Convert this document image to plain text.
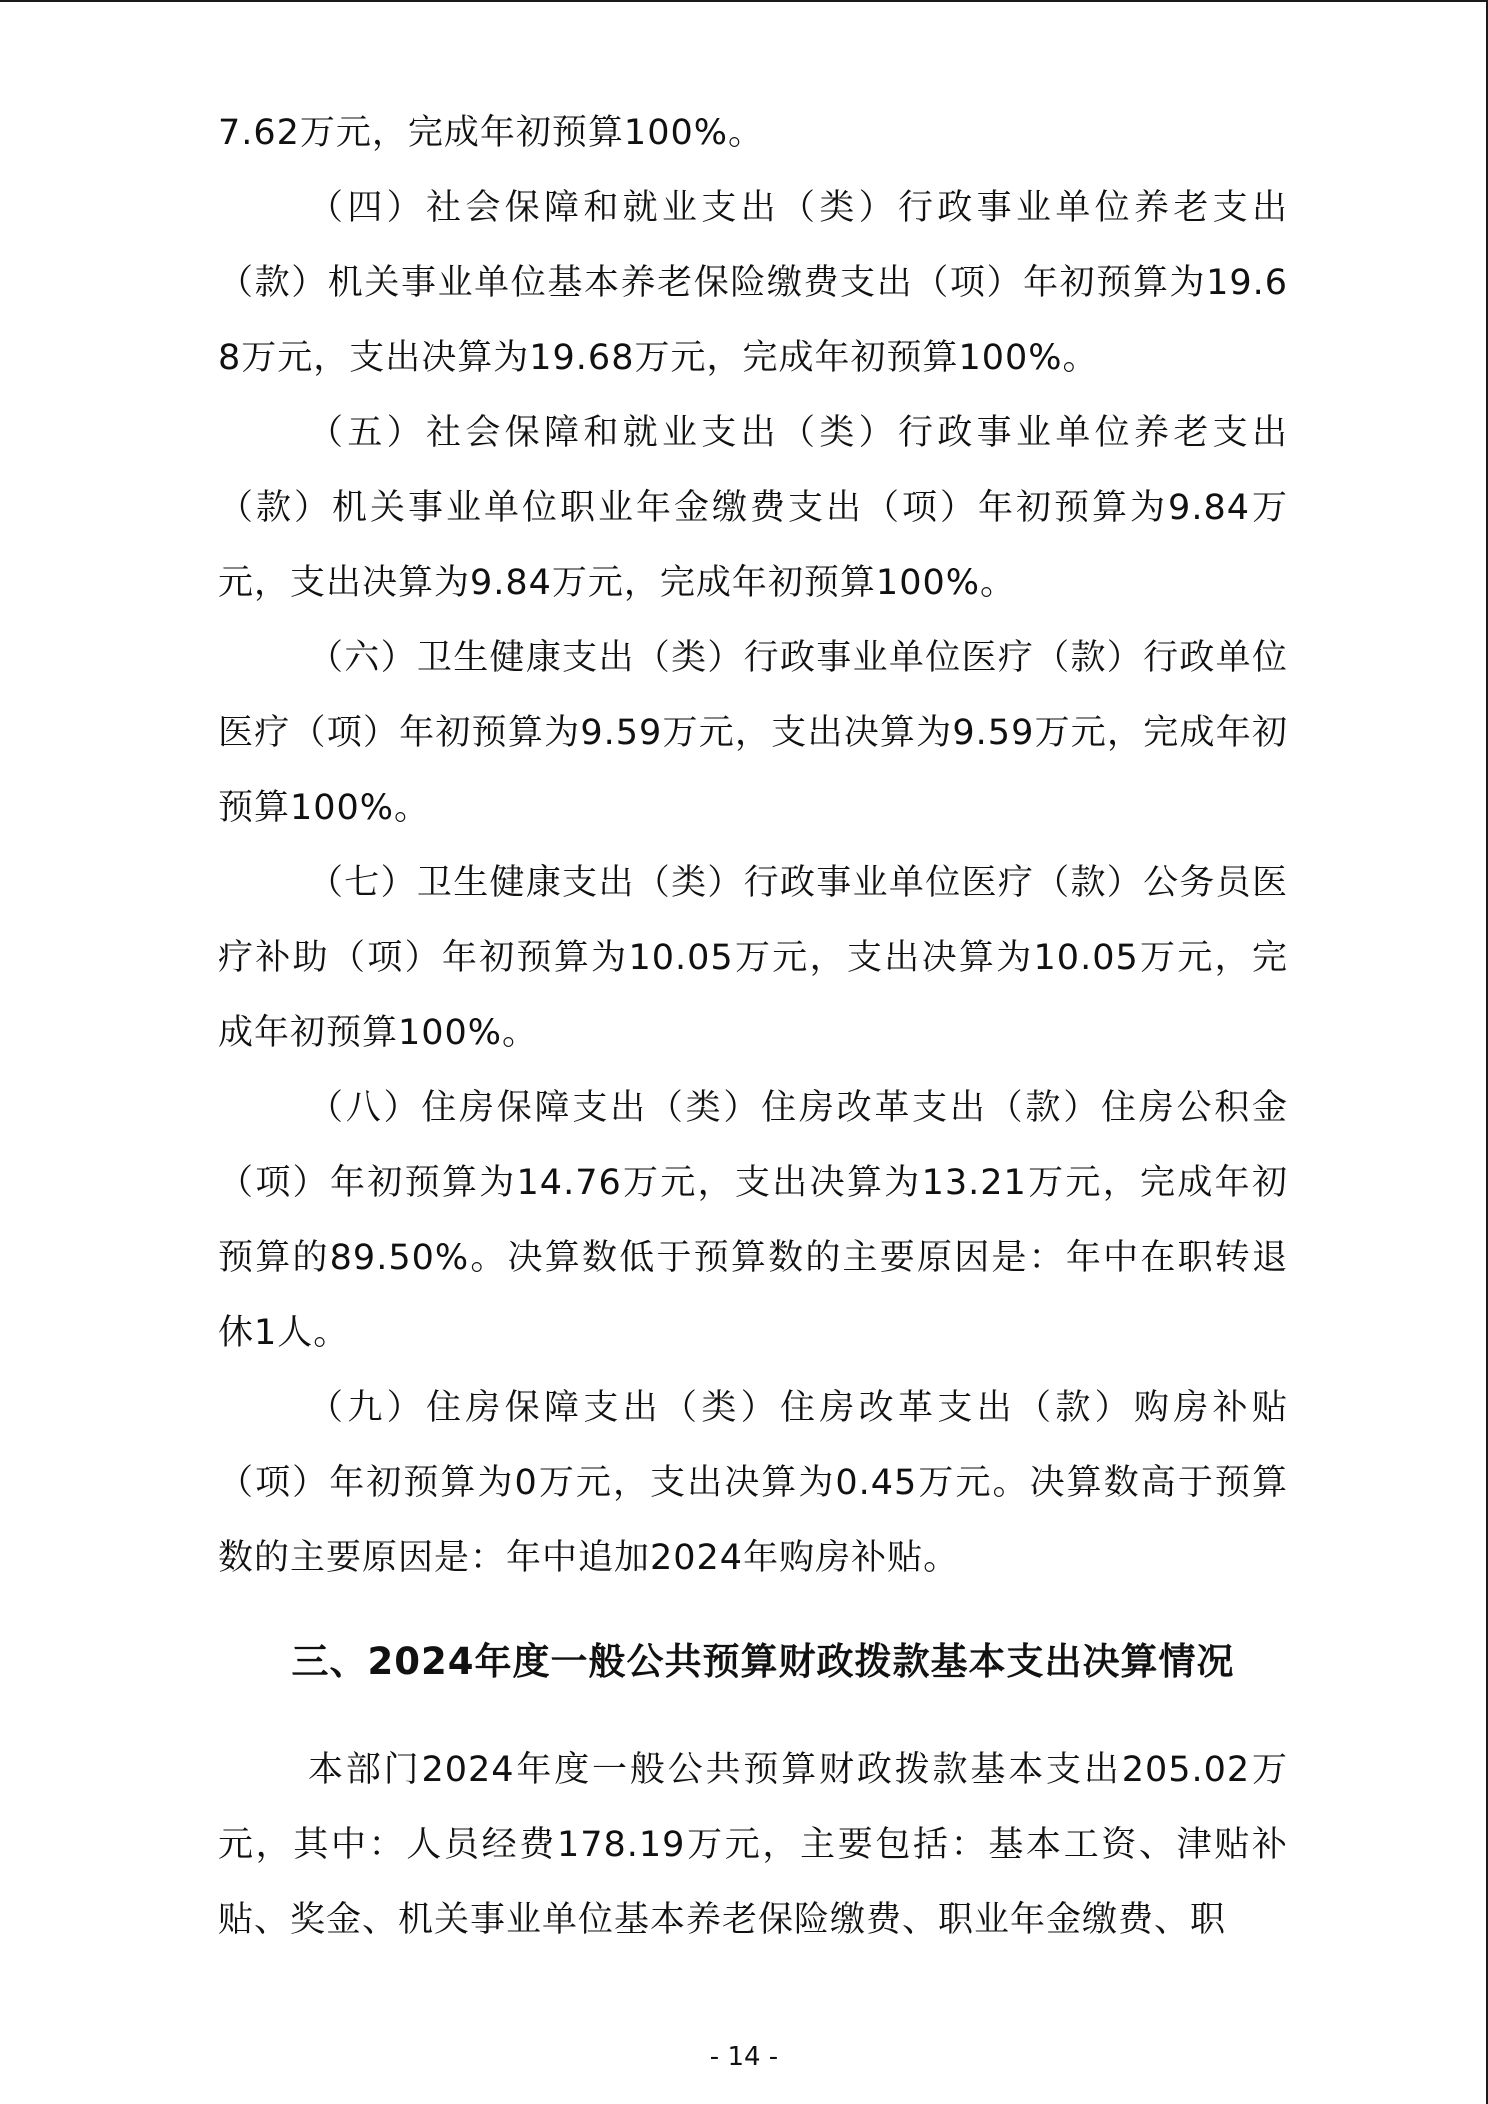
7.62万元，完成年初预算100%。

（四）社会保障和就业支出（类）行政事业单位养老支出（款）机关事业单位基本养老保险缴费支出（项）年初预算为19.68万元，支出决算为19.68万元，完成年初预算100%。

（五）社会保障和就业支出（类）行政事业单位养老支出（款）机关事业单位职业年金缴费支出（项）年初预算为9.84万元，支出决算为9.84万元，完成年初预算100%。

（六）卫生健康支出（类）行政事业单位医疗（款）行政单位医疗（项）年初预算为9.59万元，支出决算为9.59万元，完成年初预算100%。

（七）卫生健康支出（类）行政事业单位医疗（款）公务员医疗补助（项）年初预算为10.05万元，支出决算为10.05万元，完成年初预算100%。

（八）住房保障支出（类）住房改革支出（款）住房公积金（项）年初预算为14.76万元，支出决算为13.21万元，完成年初预算的89.50%。决算数低于预算数的主要原因是：年中在职转退休1人。

（九）住房保障支出（类）住房改革支出（款）购房补贴（项）年初预算为0万元，支出决算为0.45万元。决算数高于预算数的主要原因是：年中追加2024年购房补贴。

三、2024年度一般公共预算财政拨款基本支出决算情况

本部门2024年度一般公共预算财政拨款基本支出205.02万元，其中：人员经费178.19万元，主要包括：基本工资、津贴补贴、奖金、机关事业单位基本养老保险缴费、职业年金缴费、职

- 14 -
